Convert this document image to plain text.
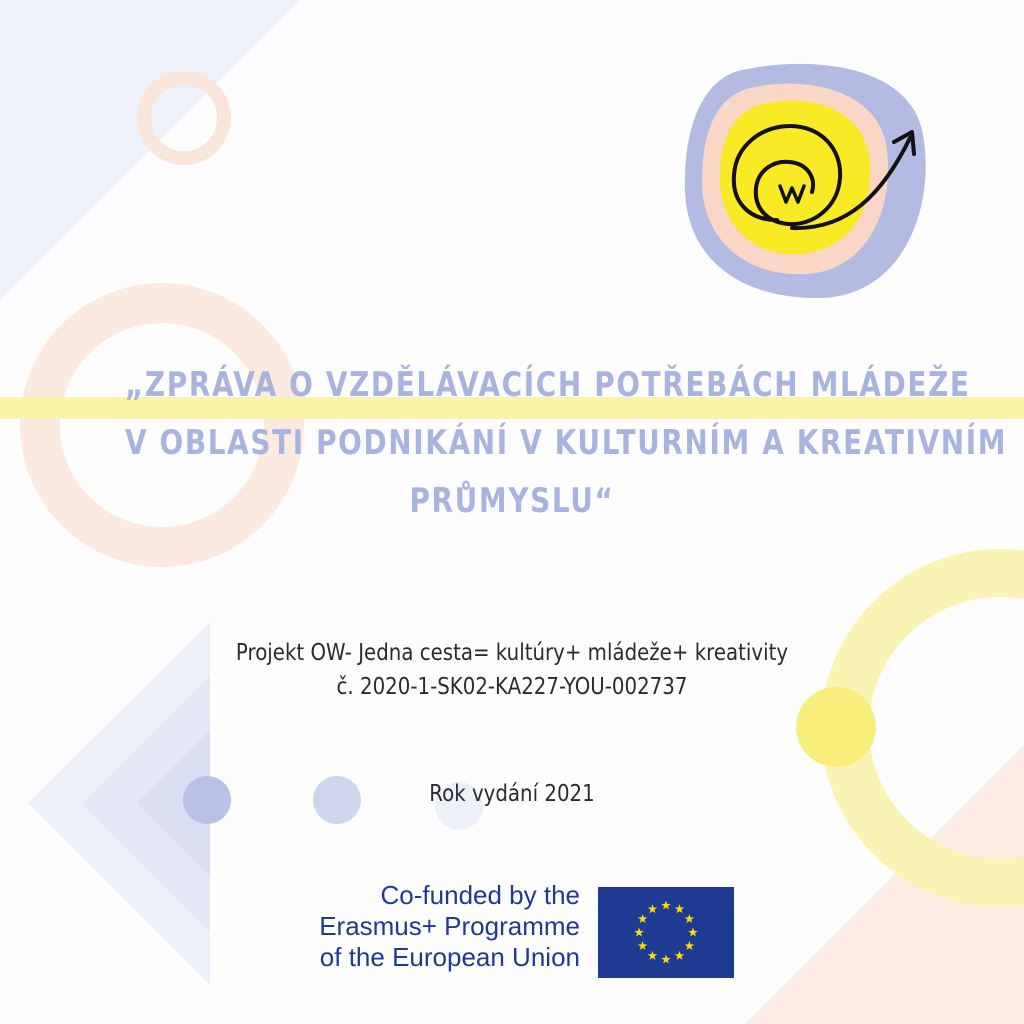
„ZPRÁVA O VZDĚLÁVACÍCH POTŘEBÁCH MLÁDEŽE
V OBLASTI PODNIKÁNÍ V KULTURNÍM A KREATIVNÍM
PRŮMYSLU“
Projekt OW- Jedna cesta= kultúry+ mládeže+ kreativity
č. 2020-1-SK02-KA227-YOU-002737
Rok vydání 2021
Co-funded by the
Erasmus+ Programme
of the European Union
